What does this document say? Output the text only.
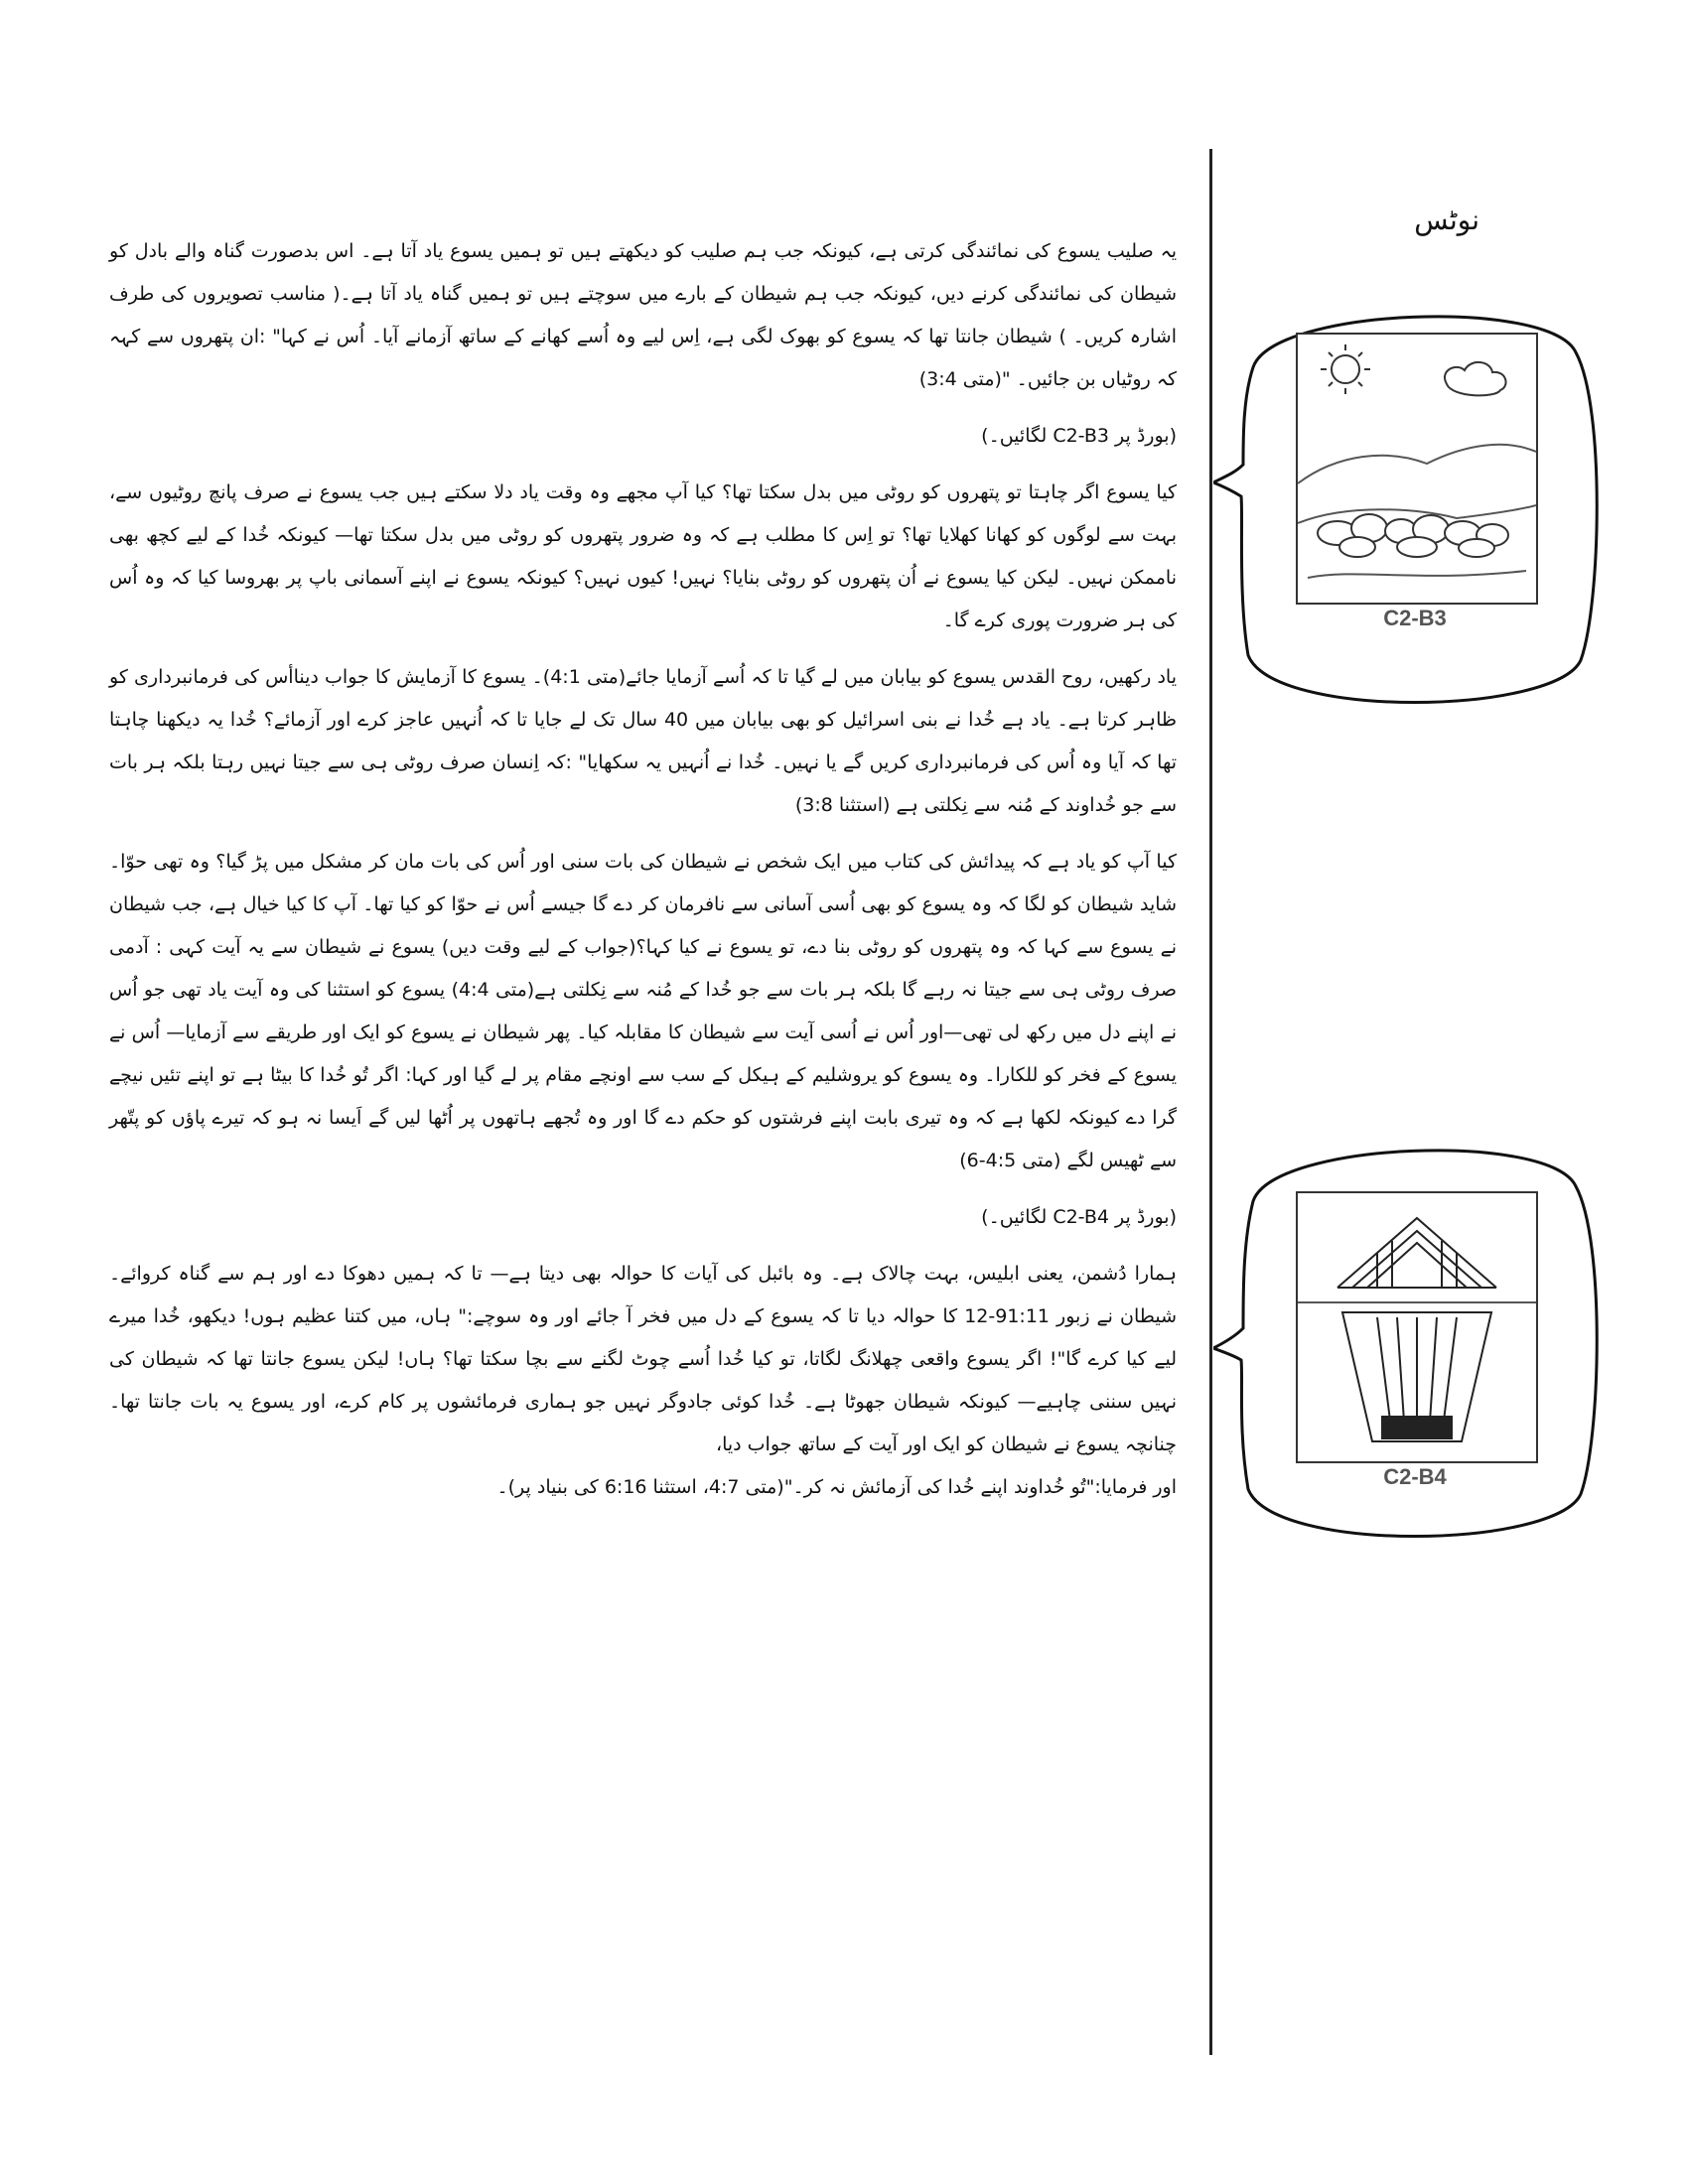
نوٹس

یہ صلیب یسوع کی نمائندگی کرتی ہے، کیونکہ جب ہم صلیب کو دیکھتے ہیں تو ہمیں یسوع یاد آتا ہے۔ اس بدصورت گناہ والے بادل کو شیطان کی نمائندگی کرنے دیں، کیونکہ جب ہم شیطان کے بارے میں سوچتے ہیں تو ہمیں گناہ یاد آتا ہے۔( مناسب تصویروں کی طرف اشارہ کریں۔ ) شیطان جانتا تھا کہ یسوع کو بھوک لگی ہے، اِس لیے وہ اُسے کھانے کے ساتھ آزمانے آیا۔ اُس نے کہا" :ان پتھروں سے کہہ کہ روٹیاں بن جائیں۔ "(متی 3:4)

(بورڈ پر C2-B3 لگائیں۔)

کیا یسوع اگر چاہتا تو پتھروں کو روٹی میں بدل سکتا تھا؟ کیا آپ مجھے وہ وقت یاد دلا سکتے ہیں جب یسوع نے صرف پانچ روٹیوں سے، بہت سے لوگوں کو کھانا کھلایا تھا؟ تو اِس کا مطلب ہے کہ وہ ضرور پتھروں کو روٹی میں بدل سکتا تھا— کیونکہ خُدا کے لیے کچھ بھی ناممکن نہیں۔ لیکن کیا یسوع نے اُن پتھروں کو روٹی بنایا؟ نہیں! کیوں نہیں؟ کیونکہ یسوع نے اپنے آسمانی باپ پر بھروسا کیا کہ وہ اُس کی ہر ضرورت پوری کرے گا۔

یاد رکھیں، روح القدس یسوع کو بیابان میں لے گیا تا کہ اُسے آزمایا جائے(متی 4:1)۔ یسوع کا آزمایش کا جواب دیناأس کی فرمانبرداری کو ظاہر کرتا ہے۔ یاد ہے خُدا نے بنی اسرائیل کو بھی بیابان میں 40 سال تک لے جایا تا کہ اُنہیں عاجز کرے اور آزمائے؟ خُدا یہ دیکھنا چاہتا تھا کہ آیا وہ اُس کی فرمانبرداری کریں گے یا نہیں۔ خُدا نے اُنہیں یہ سکھایا" :کہ اِنسان صرف روٹی ہی سے جیتا نہیں رہتا بلکہ ہر بات سے جو خُداوند کے مُنہ سے نِکلتی ہے (استثنا 3:8)

کیا آپ کو یاد ہے کہ پیدائش کی کتاب میں ایک شخص نے شیطان کی بات سنی اور اُس کی بات مان کر مشکل میں پڑ گیا؟ وہ تھی حوّا۔ شاید شیطان کو لگا کہ وہ یسوع کو بھی اُسی آسانی سے نافرمان کر دے گا جیسے اُس نے حوّا کو کیا تھا۔ آپ کا کیا خیال ہے، جب شیطان نے یسوع سے کہا کہ وہ پتھروں کو روٹی بنا دے، تو یسوع نے کیا کہا؟(جواب کے لیے وقت دیں) یسوع نے شیطان سے یہ آیت کہی : آدمی صرف روٹی ہی سے جیتا نہ رہے گا بلکہ ہر بات سے جو خُدا کے مُنہ سے نِکلتی ہے(متی 4:4) یسوع کو استثنا کی وہ آیت یاد تھی جو اُس نے اپنے دل میں رکھ لی تھی—اور اُس نے اُسی آیت سے شیطان کا مقابلہ کیا۔ پھر شیطان نے یسوع کو ایک اور طریقے سے آزمایا— اُس نے یسوع کے فخر کو للکارا۔ وہ یسوع کو یروشلیم کے ہیکل کے سب سے اونچے مقام پر لے گیا اور کہا: اگر تُو خُدا کا بیٹا ہے تو اپنے تئیں نیچے گرا دے کیونکہ لکھا ہے کہ وہ تیری بابت اپنے فرشتوں کو حکم دے گا اور وہ تُجھے ہاتھوں پر اُٹھا لیں گے اَیسا نہ ہو کہ تیرے پاؤں کو پتّھر سے ٹھیس لگے (متی 4:5-6)

(بورڈ پر C2-B4 لگائیں۔)

ہمارا دُشمن، یعنی ابلیس، بہت چالاک ہے۔ وہ بائبل کی آیات کا حوالہ بھی دیتا ہے— تا کہ ہمیں دھوکا دے اور ہم سے گناہ کروائے۔ شیطان نے زبور 91:11-12 کا حوالہ دیا تا کہ یسوع کے دل میں فخر آ جائے اور وہ سوچے:" ہاں، میں کتنا عظیم ہوں! دیکھو، خُدا میرے لیے کیا کرے گا"! اگر یسوع واقعی چھلانگ لگاتا، تو کیا خُدا اُسے چوٹ لگنے سے بچا سکتا تھا؟ ہاں! لیکن یسوع جانتا تھا کہ شیطان کی نہیں سننی چاہیے— کیونکہ شیطان جھوٹا ہے۔ خُدا کوئی جادوگر نہیں جو ہماری فرمائشوں پر کام کرے، اور یسوع یہ بات جانتا تھا۔ چنانچہ یسوع نے شیطان کو ایک اور آیت کے ساتھ جواب دیا،

اور فرمایا:"تُو خُداوند اپنے خُدا کی آزمائش نہ کر۔"(متی 4:7، استثنا 6:16 کی بنیاد پر)۔

C2-B3
C2-B4
